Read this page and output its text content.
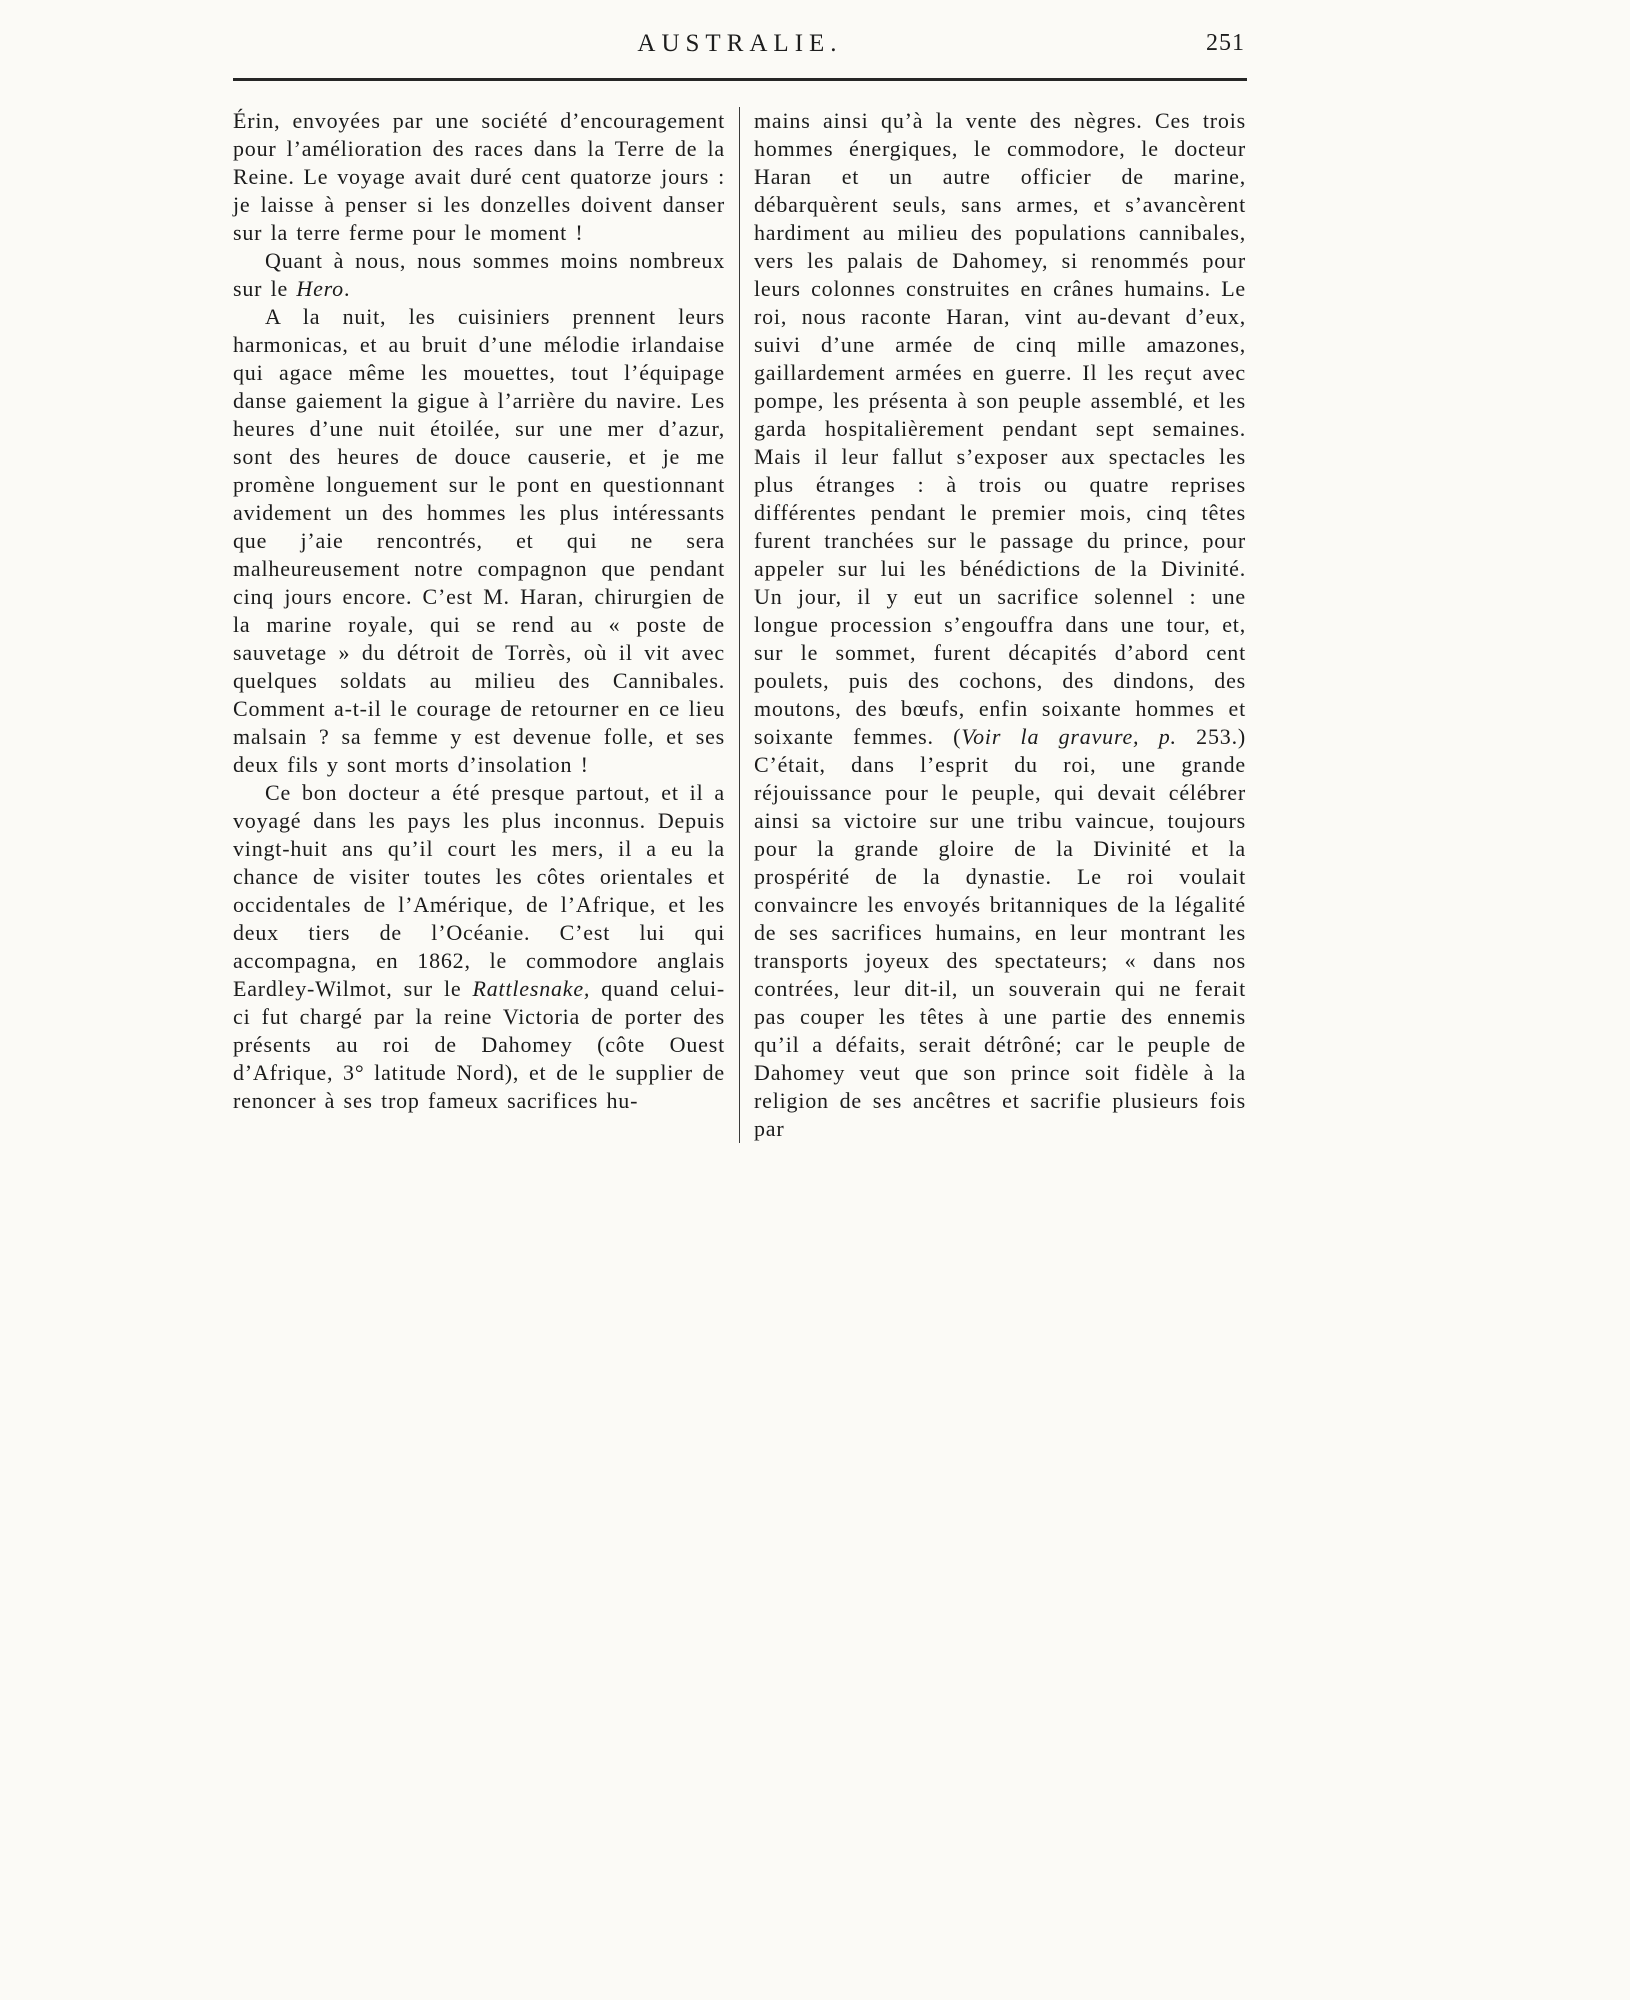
AUSTRALIE.	251

Érin, envoyées par une société d’encouragement pour l’amélioration des races dans la Terre de la Reine. Le voyage avait duré cent quatorze jours : je laisse à penser si les donzelles doivent danser sur la terre ferme pour le moment !

Quant à nous, nous sommes moins nombreux sur le Hero.

A la nuit, les cuisiniers prennent leurs harmonicas, et au bruit d’une mélodie irlandaise qui agace même les mouettes, tout l’équipage danse gaiement la gigue à l’arrière du navire. Les heures d’une nuit étoilée, sur une mer d’azur, sont des heures de douce causerie, et je me promène longuement sur le pont en questionnant avidement un des hommes les plus intéressants que j’aie rencontrés, et qui ne sera malheureusement notre compagnon que pendant cinq jours encore. C’est M. Haran, chirurgien de la marine royale, qui se rend au « poste de sauvetage » du détroit de Torrès, où il vit avec quelques soldats au milieu des Cannibales. Comment a-t-il le courage de retourner en ce lieu malsain ? sa femme y est devenue folle, et ses deux fils y sont morts d’insolation !

Ce bon docteur a été presque partout, et il a voyagé dans les pays les plus inconnus. Depuis vingt-huit ans qu’il court les mers, il a eu la chance de visiter toutes les côtes orientales et occidentales de l’Amérique, de l’Afrique, et les deux tiers de l’Océanie. C’est lui qui accompagna, en 1862, le commodore anglais Eardley-Wilmot, sur le Rattlesnake, quand celui-ci fut chargé par la reine Victoria de porter des présents au roi de Dahomey (côte Ouest d’Afrique, 3° latitude Nord), et de le supplier de renoncer à ses trop fameux sacrifices hu-

mains ainsi qu’à la vente des nègres. Ces trois hommes énergiques, le commodore, le docteur Haran et un autre officier de marine, débarquèrent seuls, sans armes, et s’avancèrent hardiment au milieu des populations cannibales, vers les palais de Dahomey, si renommés pour leurs colonnes construites en crânes humains. Le roi, nous raconte Haran, vint au-devant d’eux, suivi d’une armée de cinq mille amazones, gaillardement armées en guerre. Il les reçut avec pompe, les présenta à son peuple assemblé, et les garda hospitalièrement pendant sept semaines. Mais il leur fallut s’exposer aux spectacles les plus étranges : à trois ou quatre reprises différentes pendant le premier mois, cinq têtes furent tranchées sur le passage du prince, pour appeler sur lui les bénédictions de la Divinité. Un jour, il y eut un sacrifice solennel : une longue procession s’engouffra dans une tour, et, sur le sommet, furent décapités d’abord cent poulets, puis des cochons, des dindons, des moutons, des bœufs, enfin soixante hommes et soixante femmes. (Voir la gravure, p. 253.) C’était, dans l’esprit du roi, une grande réjouissance pour le peuple, qui devait célébrer ainsi sa victoire sur une tribu vaincue, toujours pour la grande gloire de la Divinité et la prospérité de la dynastie. Le roi voulait convaincre les envoyés britanniques de la légalité de ses sacrifices humains, en leur montrant les transports joyeux des spectateurs; « dans nos contrées, leur dit-il, un souverain qui ne ferait pas couper les têtes à une partie des ennemis qu’il a défaits, serait détrôné; car le peuple de Dahomey veut que son prince soit fidèle à la religion de ses ancêtres et sacrifie plusieurs fois par
